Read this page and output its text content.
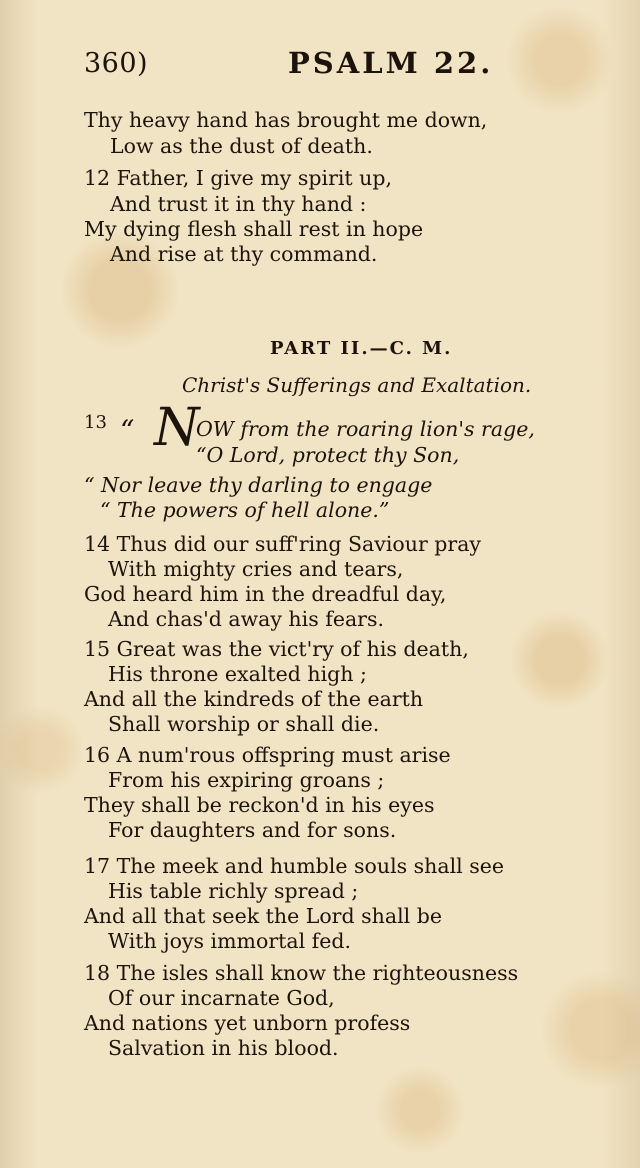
360)	PSALM 22.
Thy heavy hand has brought me down,
Low as the dust of death.
12 Father, I give my spirit up,
And trust it in thy hand :
My dying flesh shall rest in hope
And rise at thy command.
PART II.—C. M.
Christ's Sufferings and Exaltation.
13 “ N
OW from the roaring lion's rage,
“O Lord, protect thy Son,
“ Nor leave thy darling to engage
“ The powers of hell alone.”
14 Thus did our suff'ring Saviour pray
With mighty cries and tears,
God heard him in the dreadful day,
And chas'd away his fears.
15 Great was the vict'ry of his death,
His throne exalted high ;
And all the kindreds of the earth
Shall worship or shall die.
16 A num'rous offspring must arise
From his expiring groans ;
They shall be reckon'd in his eyes
For daughters and for sons.
17 The meek and humble souls shall see
His table richly spread ;
And all that seek the Lord shall be
With joys immortal fed.
18 The isles shall know the righteousness
Of our incarnate God,
And nations yet unborn profess
Salvation in his blood.
